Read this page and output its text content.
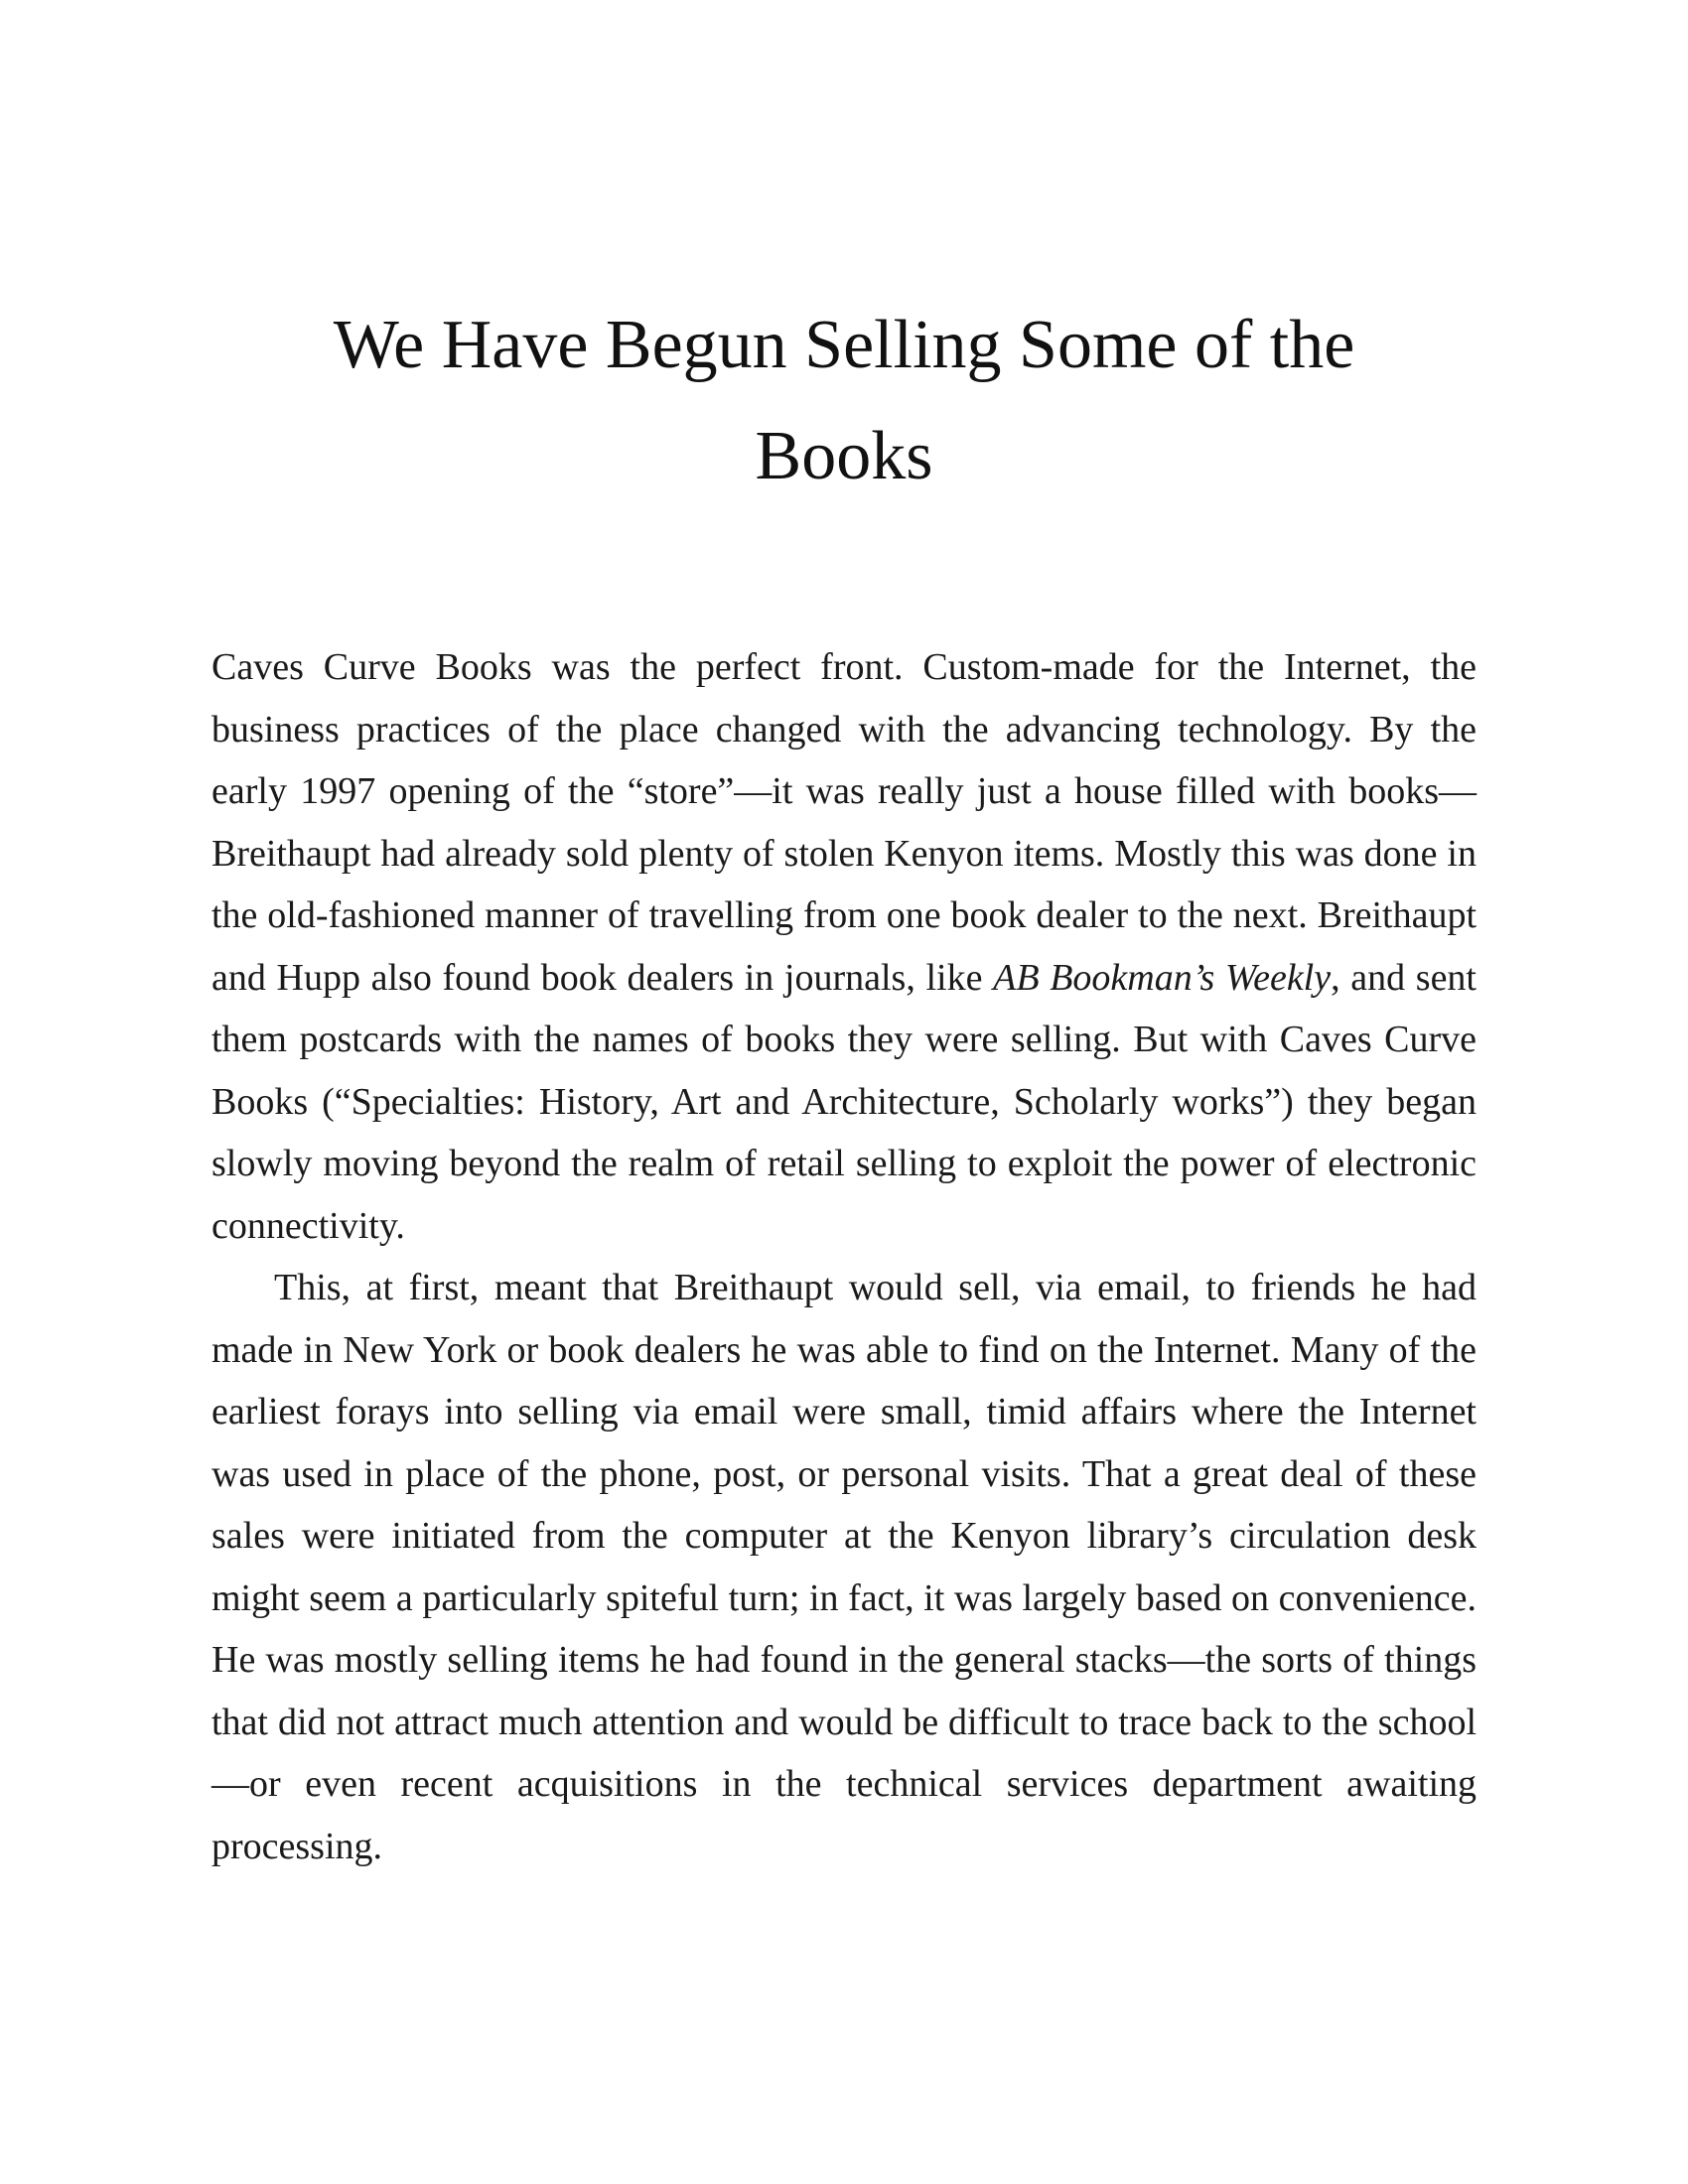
We Have Begun Selling Some of the
Books

Caves Curve Books was the perfect front. Custom-made for the Internet, the business practices of the place changed with the advancing technology. By the early 1997 opening of the “store”—it was really just a house filled with books—Breithaupt had already sold plenty of stolen Kenyon items. Mostly this was done in the old-fashioned manner of travelling from one book dealer to the next. Breithaupt and Hupp also found book dealers in journals, like AB Bookman’s Weekly, and sent them postcards with the names of books they were selling. But with Caves Curve Books (“Specialties: History, Art and Architecture, Scholarly works”) they began slowly moving beyond the realm of retail selling to exploit the power of electronic connectivity.

This, at first, meant that Breithaupt would sell, via email, to friends he had made in New York or book dealers he was able to find on the Internet. Many of the earliest forays into selling via email were small, timid affairs where the Internet was used in place of the phone, post, or personal visits. That a great deal of these sales were initiated from the computer at the Kenyon library’s circulation desk might seem a particularly spiteful turn; in fact, it was largely based on convenience. He was mostly selling items he had found in the general stacks—the sorts of things that did not attract much attention and would be difficult to trace back to the school—or even recent acquisitions in the technical services department awaiting processing.
